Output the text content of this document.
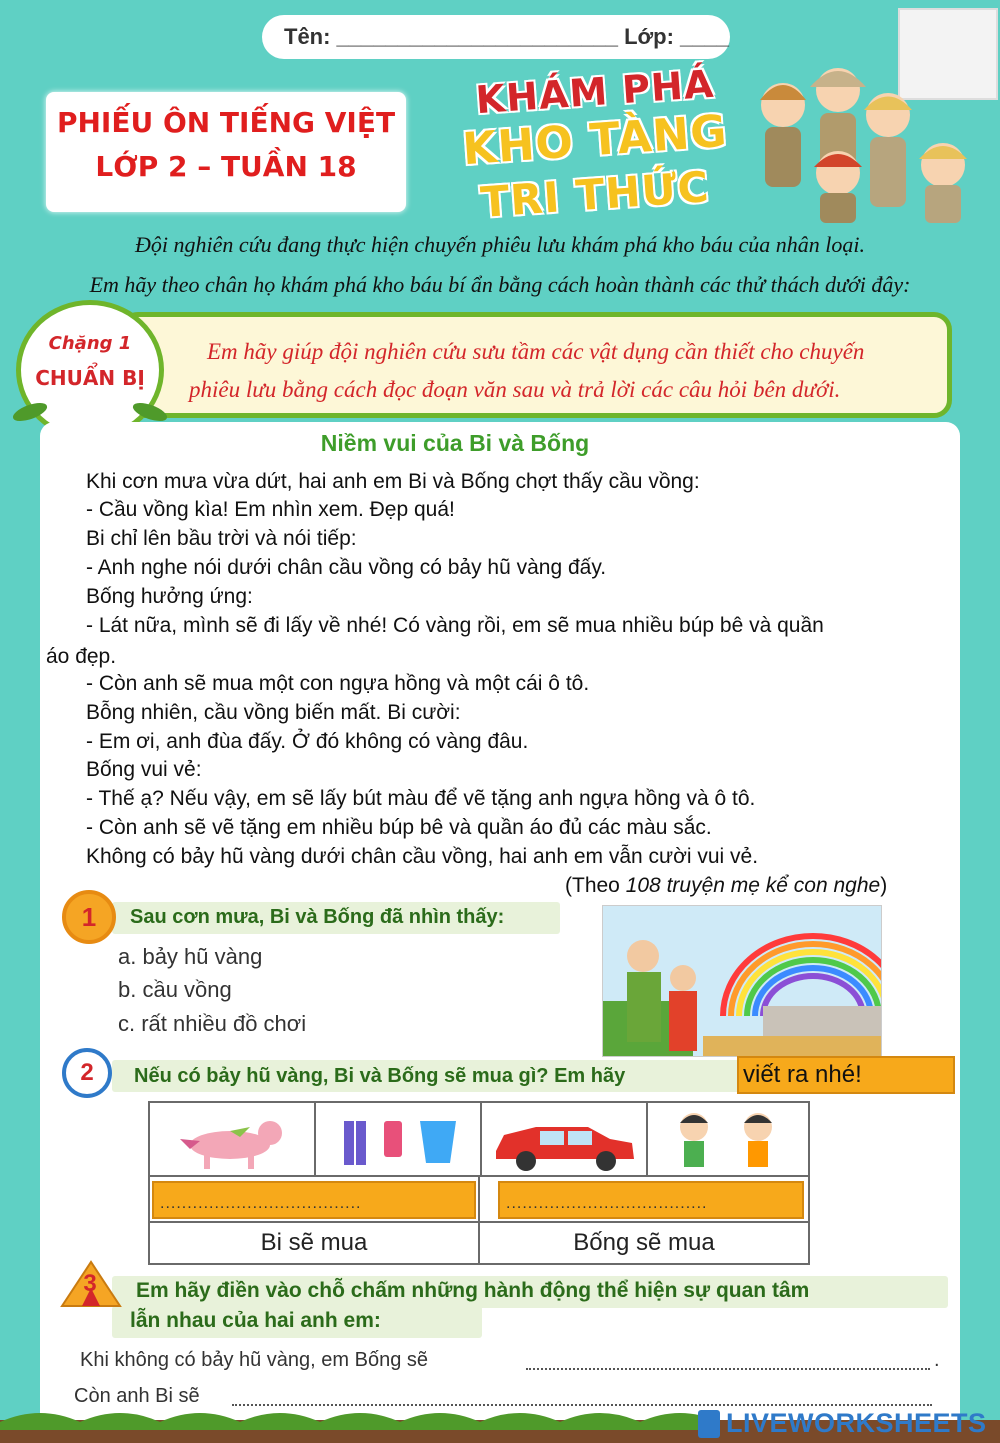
Tên: _______________________ Lớp: ____
PHIẾU ÔN TIẾNG VIỆT
LỚP 2 – TUẦN 18
KHÁM PHÁ
KHO TÀNG
TRI THỨC
Đội nghiên cứu đang thực hiện chuyến phiêu lưu khám phá kho báu của nhân loại.
Em hãy theo chân họ khám phá kho báu bí ẩn bằng cách hoàn thành các thử thách dưới đây:
Em hãy giúp đội nghiên cứu sưu tầm các vật dụng cần thiết cho chuyến
phiêu lưu bằng cách đọc đoạn văn sau và trả lời các câu hỏi bên dưới.
Chặng 1
CHUẨN BỊ
Niềm vui của Bi và Bống
Khi cơn mưa vừa dứt, hai anh em Bi và Bống chợt thấy cầu vồng:
- Cầu vồng kìa! Em nhìn xem. Đẹp quá!
Bi chỉ lên bầu trời và nói tiếp:
- Anh nghe nói dưới chân cầu vồng có bảy hũ vàng đấy.
Bống hưởng ứng:
- Lát nữa, mình sẽ đi lấy về nhé! Có vàng rồi, em sẽ mua nhiều búp bê và quần
- Còn anh sẽ mua một con ngựa hồng và một cái ô tô.
Bỗng nhiên, cầu vồng biến mất. Bi cười:
- Em ơi, anh đùa đấy. Ở đó không có vàng đâu.
Bống vui vẻ:
- Thế ạ? Nếu vậy, em sẽ lấy bút màu để vẽ tặng anh ngựa hồng và ô tô.
- Còn anh sẽ vẽ tặng em nhiều búp bê và quần áo đủ các màu sắc.
Không có bảy hũ vàng dưới chân cầu vồng, hai anh em vẫn cười vui vẻ.
áo đẹp.
(Theo 108 truyện mẹ kể con nghe)
1	Sau cơn mưa, Bi và Bống đã nhìn thấy:
a. bảy hũ vàng
b. cầu vồng
c. rất nhiều đồ chơi
2	Nếu có bảy hũ vàng, Bi và Bống sẽ mua gì? Em hãy	viết ra nhé!
.....................................	.....................................
Bi sẽ mua	Bống sẽ mua
3	Em hãy điền vào chỗ chấm những hành động thể hiện sự quan tâm
lẫn nhau của hai anh em:
Khi không có bảy hũ vàng, em Bống sẽ	.
Còn anh Bi sẽ
LIVEWORKSHEETS
